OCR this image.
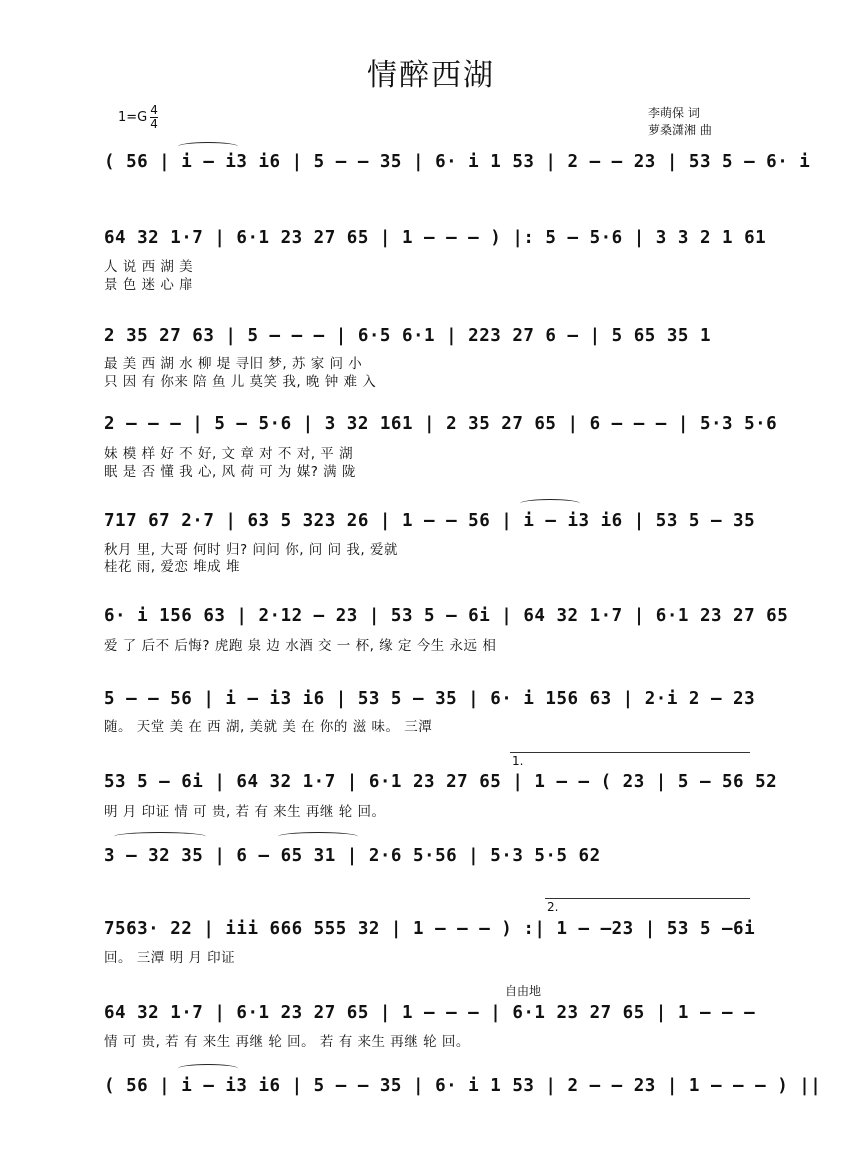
情醉西湖
$1=G \frac{4}{4}$	李萌保 词
萝桑潇湘 曲
( 56 | i – i3 i6 | 5 – – 35 | 6· i 1 53 | 2 – – 23 | 53 5 – 6· i
64 32 1·7 | 6·1 23 27 65 | 1 – – – ) |: 5 – 5·6 | 3 3 2 1 61
人 说 西 湖 美
景 色 迷 心 扉
2 35 27 63 | 5 – – – | 6·5 6·1 | 223 27 6 – | 5 65 35 1
最 美 西 湖 水 柳 堤 寻旧 梦, 苏 家 问 小
只 因 有 你来 陪 鱼 儿 莫笑 我, 晚 钟 难 入
2 – – – | 5 – 5·6 | 3 32 161 | 2 35 27 65 | 6 – – – | 5·3 5·6
妹 模 样 好 不 好, 文 章 对 不 对, 平 湖
眠 是 否 懂 我 心, 风 荷 可 为 媒? 满 陇
717 67 2·7 | 63 5 323 26 | 1 – – 56 | i – i3 i6 | 53 5 – 35
秋月 里, 大哥 何时 归? 问问 你, 问 问 我, 爱就
桂花 雨, 爱恋 堆成 堆
6· i 156 63 | 2·12 – 23 | 53 5 – 6i | 64 32 1·7 | 6·1 23 27 65
爱 了 后不 后悔? 虎跑 泉 边 水酒 交 一 杯, 缘 定 今生 永远 相
5 – – 56 | i – i3 i6 | 53 5 – 35 | 6· i 156 63 | 2·i 2 – 23
随。 天堂 美 在 西 湖, 美就 美 在 你的 滋 味。 三潭
1.
53 5 – 6i | 64 32 1·7 | 6·1 23 27 65 | 1 – – ( 23 | 5 – 56 52
明 月 印证 情 可 贵, 若 有 来生 再继 轮 回。
3 – 32 35 | 6 – 65 31 | 2·6 5·56 | 5·3 5·5 62
2.
7563· 22 | iii 666 555 32 | 1 – – – ) :| 1 – –23 | 53 5 –6i
回。 三潭 明 月 印证
自由地
64 32 1·7 | 6·1 23 27 65 | 1 – – – | 6·1 23 27 65 | 1 – – –
情 可 贵, 若 有 来生 再继 轮 回。 若 有 来生 再继 轮 回。
( 56 | i – i3 i6 | 5 – – 35 | 6· i 1 53 | 2 – – 23 | 1 – – – ) ||
